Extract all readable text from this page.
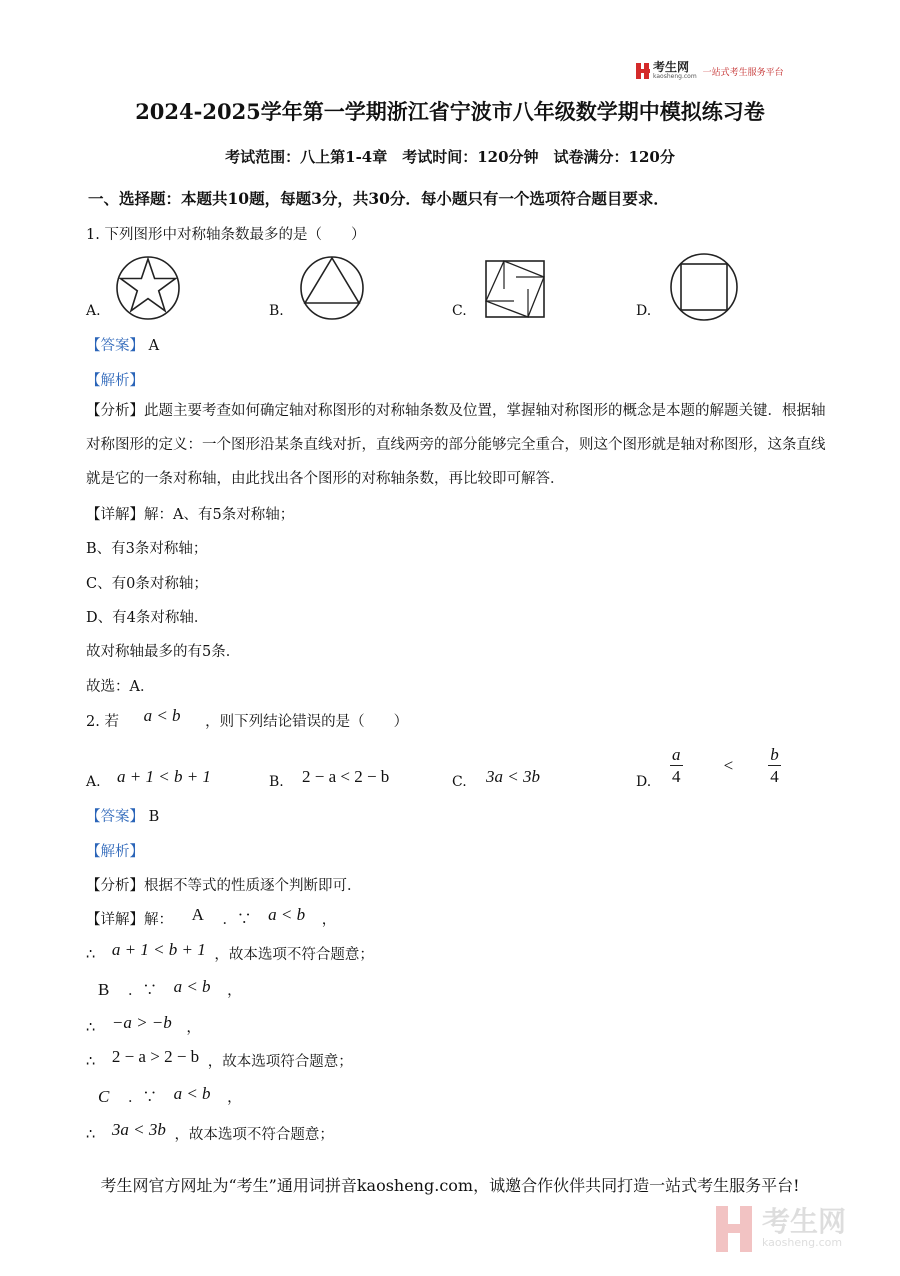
考生网
kaosheng.com 一站式考生服务平台
2024-2025学年第一学期浙江省宁波市八年级数学期中模拟练习卷
考试范围：八上第1-4章　考试时间：120分钟　试卷满分：120分
一、选择题：本题共10题，每题3分，共30分．每小题只有一个选项符合题目要求．
1. 下列图形中对称轴条数最多的是（　　）
A.	B.	C.	D.
【答案】 A
【解析】
【分析】此题主要考查如何确定轴对称图形的对称轴条数及位置，掌握轴对称图形的概念是本题的解题关键．根据轴对称图形的定义：一个图形沿某条直线对折，直线两旁的部分能够完全重合，则这个图形就是轴对称图形，这条直线就是它的一条对称轴，由此找出各个图形的对称轴条数，再比较即可解答．
【详解】解：A、有5条对称轴；
B、有3条对称轴；
C、有0条对称轴；
D、有4条对称轴．
故对称轴最多的有5条．
故选：A．
2. 若 a < b ，则下列结论错误的是（　　）
A. a + 1 < b + 1	B. 2 − a < 2 − b	C. 3a < 3b	D. $\frac{a}{4} < \frac{b}{4}$
【答案】 B
【解析】
【分析】根据不等式的性质逐个判断即可．
【详解】解： A ．∵ a < b ，
∴ a + 1 < b + 1 ，故本选项不符合题意；
B ．∵ a < b ，
∴ −a > −b ，
∴ 2 − a > 2 − b ，故本选项符合题意；
C ．∵ a < b ，
∴ 3a < 3b ，故本选项不符合题意；
考生网官方网址为“考生”通用词拼音kaosheng.com，诚邀合作伙伴共同打造一站式考生服务平台!
考生网
kaosheng.com
